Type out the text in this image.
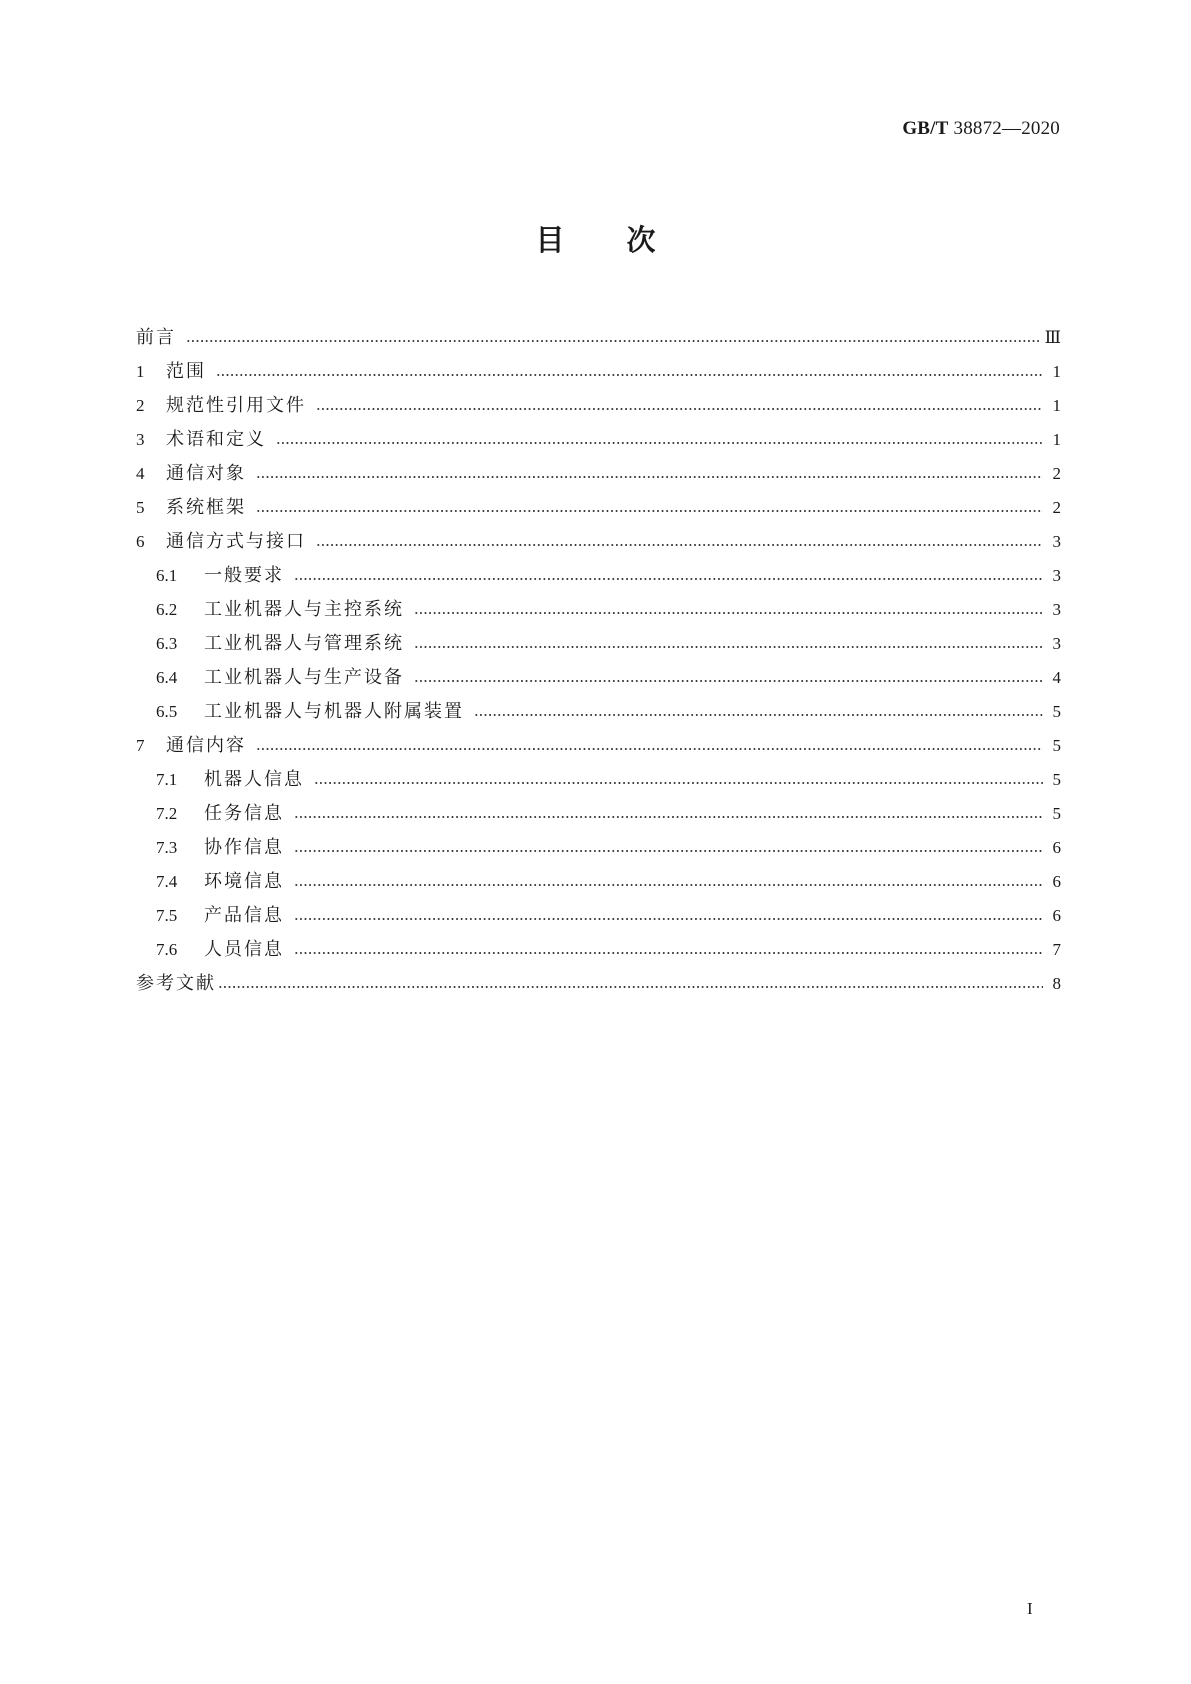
GB/T 38872—2020
目次
前言	Ⅲ
1	范围	1
2	规范性引用文件	1
3	术语和定义	1
4	通信对象	2
5	系统框架	2
6	通信方式与接口	3
6.1	一般要求	3
6.2	工业机器人与主控系统	3
6.3	工业机器人与管理系统	3
6.4	工业机器人与生产设备	4
6.5	工业机器人与机器人附属装置	5
7	通信内容	5
7.1	机器人信息	5
7.2	任务信息	5
7.3	协作信息	6
7.4	环境信息	6
7.5	产品信息	6
7.6	人员信息	7
参考文献	8
I
